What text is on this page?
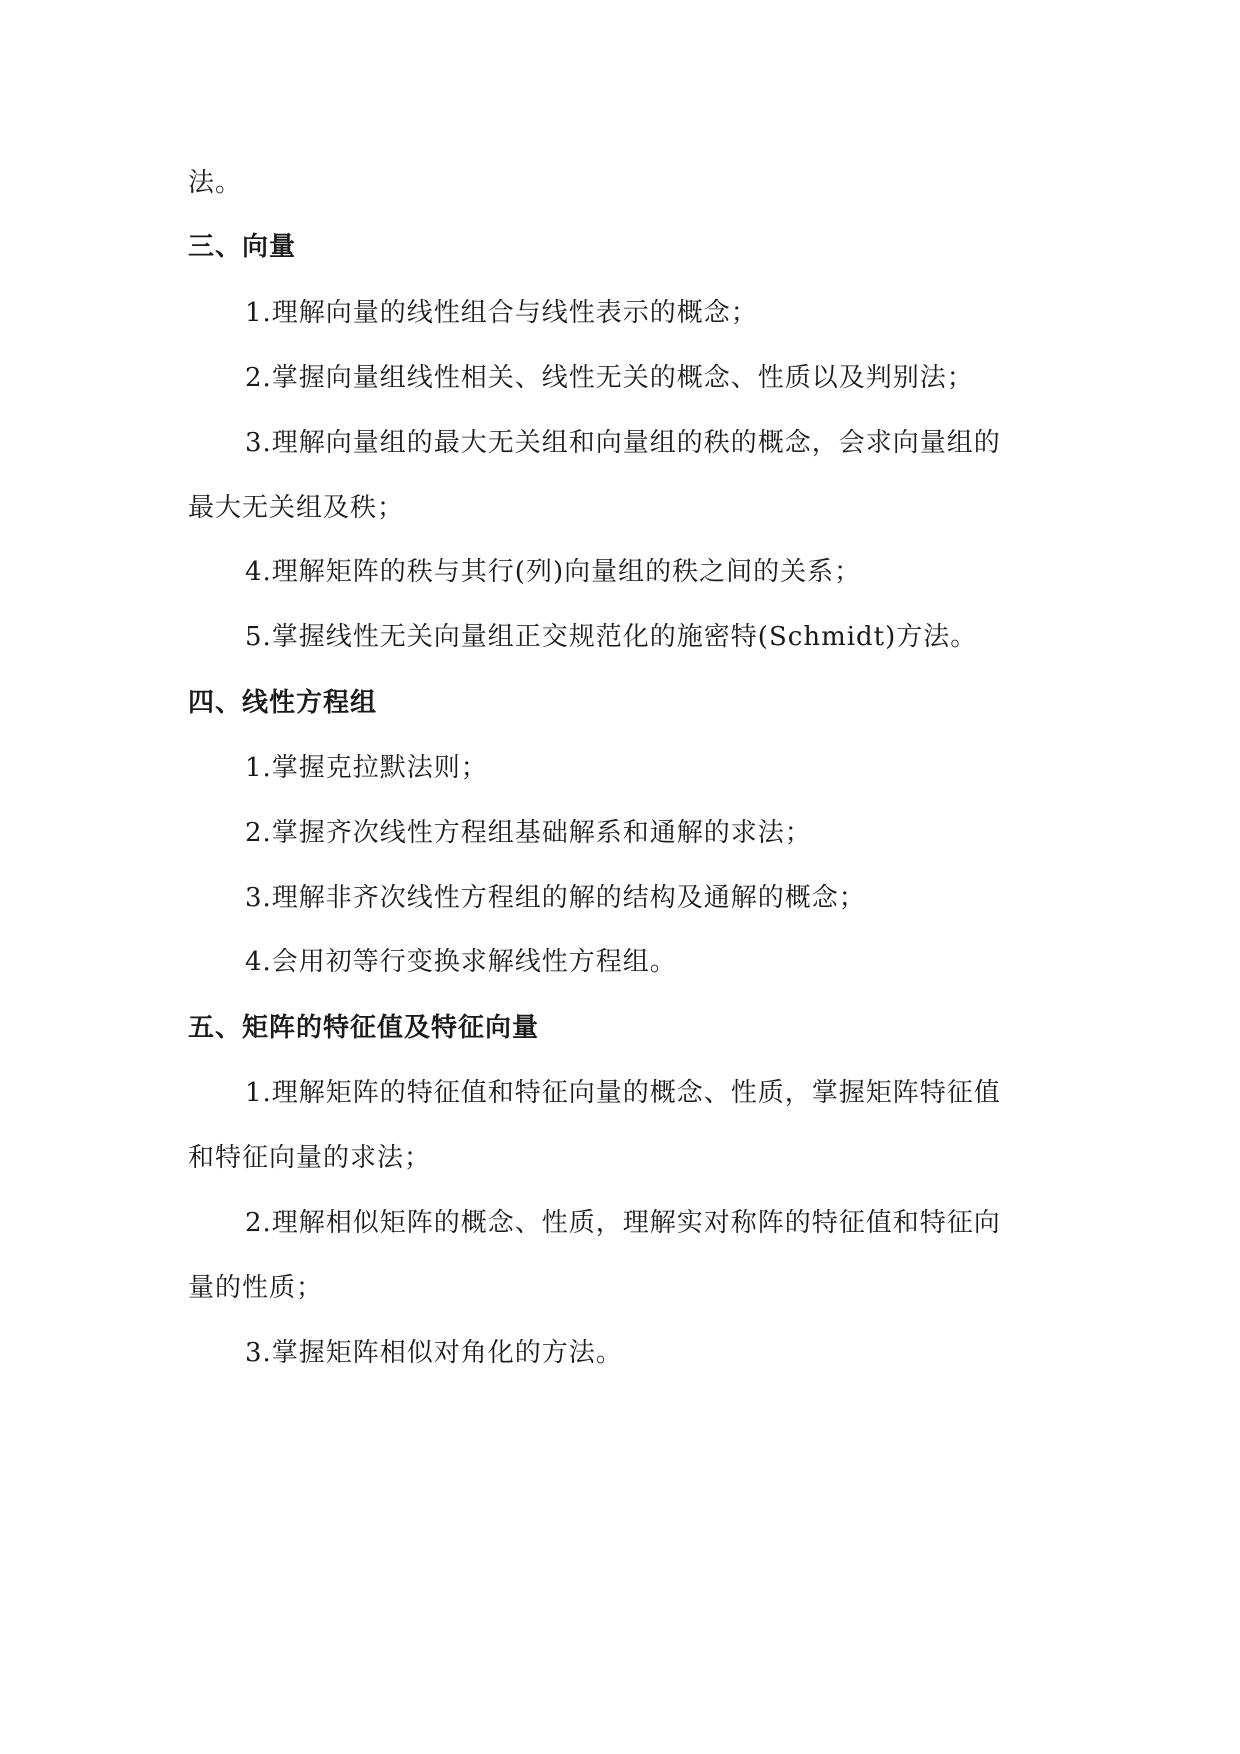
法。
三、向量
1.理解向量的线性组合与线性表示的概念；
2.掌握向量组线性相关、线性无关的概念、性质以及判别法；
3.理解向量组的最大无关组和向量组的秩的概念，会求向量组的
最大无关组及秩；
4.理解矩阵的秩与其行(列)向量组的秩之间的关系；
5.掌握线性无关向量组正交规范化的施密特(Schmidt)方法。
四、线性方程组
1.掌握克拉默法则；
2.掌握齐次线性方程组基础解系和通解的求法；
3.理解非齐次线性方程组的解的结构及通解的概念；
4.会用初等行变换求解线性方程组。
五、矩阵的特征值及特征向量
1.理解矩阵的特征值和特征向量的概念、性质，掌握矩阵特征值
和特征向量的求法；
2.理解相似矩阵的概念、性质，理解实对称阵的特征值和特征向
量的性质；
3.掌握矩阵相似对角化的方法。
